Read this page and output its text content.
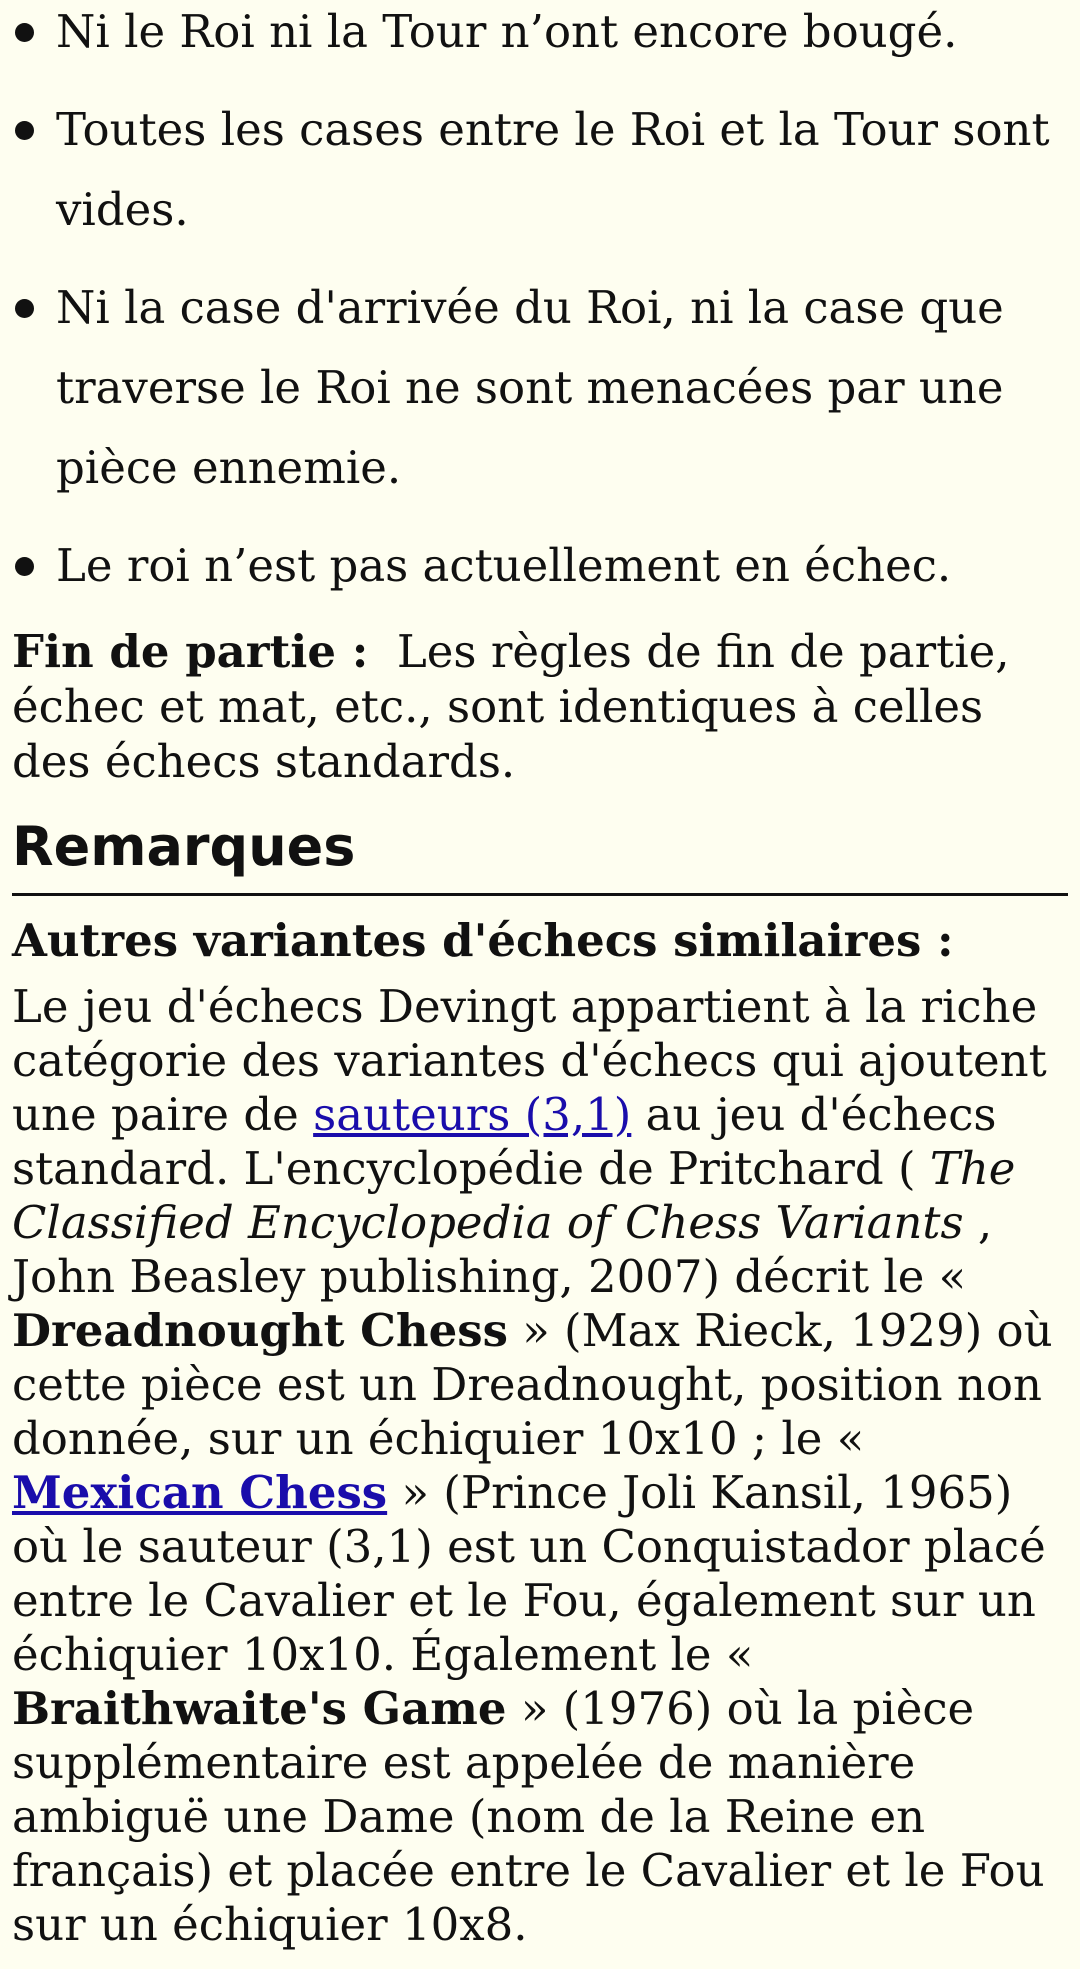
Ni le Roi ni la Tour n’ont encore bougé.
Toutes les cases entre le Roi et la Tour sont vides.
Ni la case d'arrivée du Roi, ni la case que traverse le Roi ne sont menacées par une pièce ennemie.
Le roi n’est pas actuellement en échec.

Fin de partie : Les règles de fin de partie, échec et mat, etc., sont identiques à celles des échecs standards.

Remarques
Autres variantes d'échecs similaires :

Le jeu d'échecs Devingt appartient à la riche catégorie des variantes d'échecs qui ajoutent une paire de sauteurs (3,1) au jeu d'échecs standard. L'encyclopédie de Pritchard ( The Classified Encyclopedia of Chess Variants , John Beasley publishing, 2007) décrit le « Dreadnought Chess » (Max Rieck, 1929) où cette pièce est un Dreadnought, position non donnée, sur un échiquier 10x10 ; le « Mexican Chess » (Prince Joli Kansil, 1965) où le sauteur (3,1) est un Conquistador placé entre le Cavalier et le Fou, également sur un échiquier 10x10. Également le « Braithwaite's Game » (1976) où la pièce supplémentaire est appelée de manière ambiguë une Dame (nom de la Reine en français) et placée entre le Cavalier et le Fou sur un échiquier 10x8.
